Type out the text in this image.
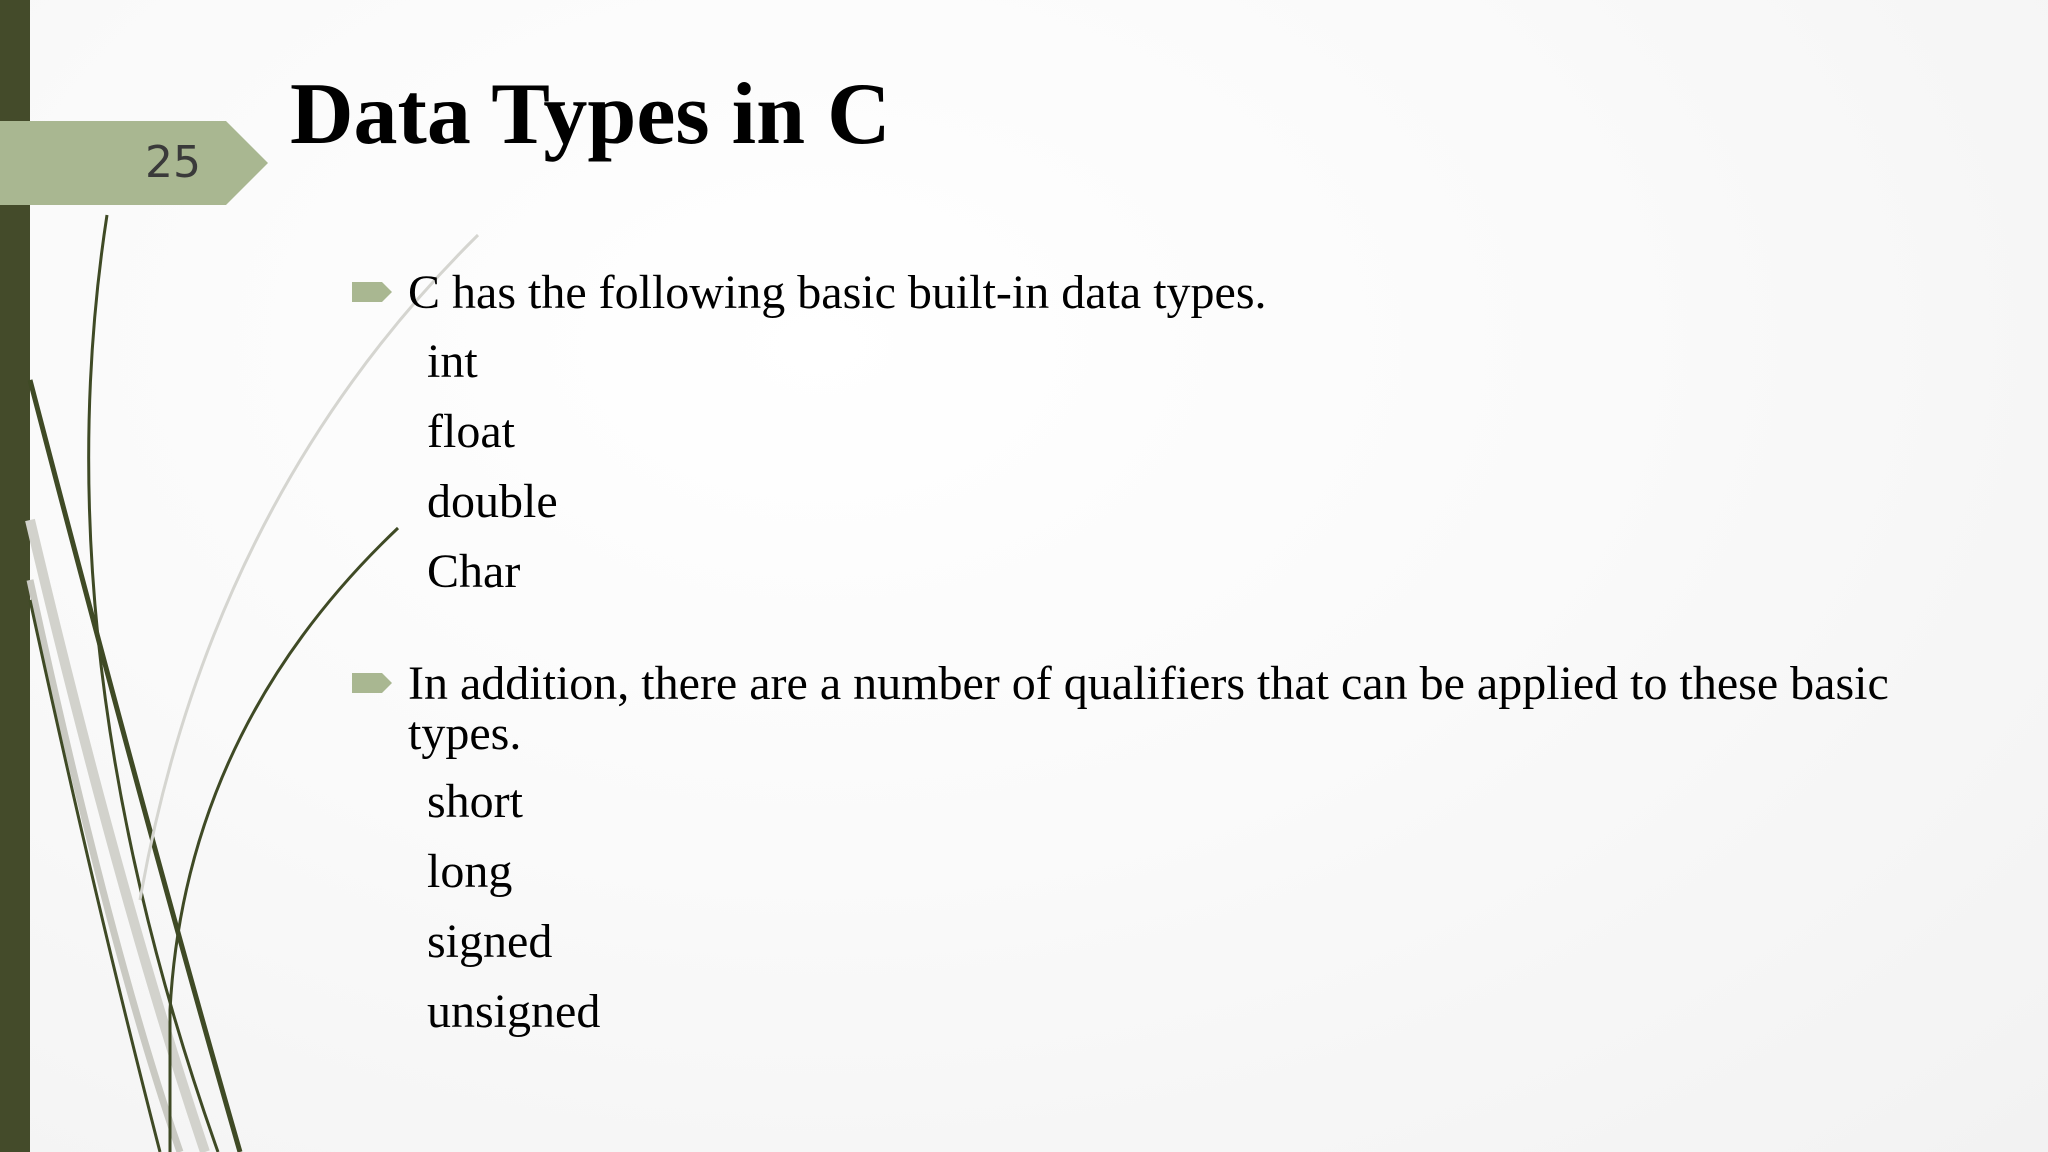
25	Data Types in C
C has the following basic built-in data types.
int
float
double
Char
In addition, there are a number of qualifiers that can be applied to these basic types.
short
long
signed
unsigned
